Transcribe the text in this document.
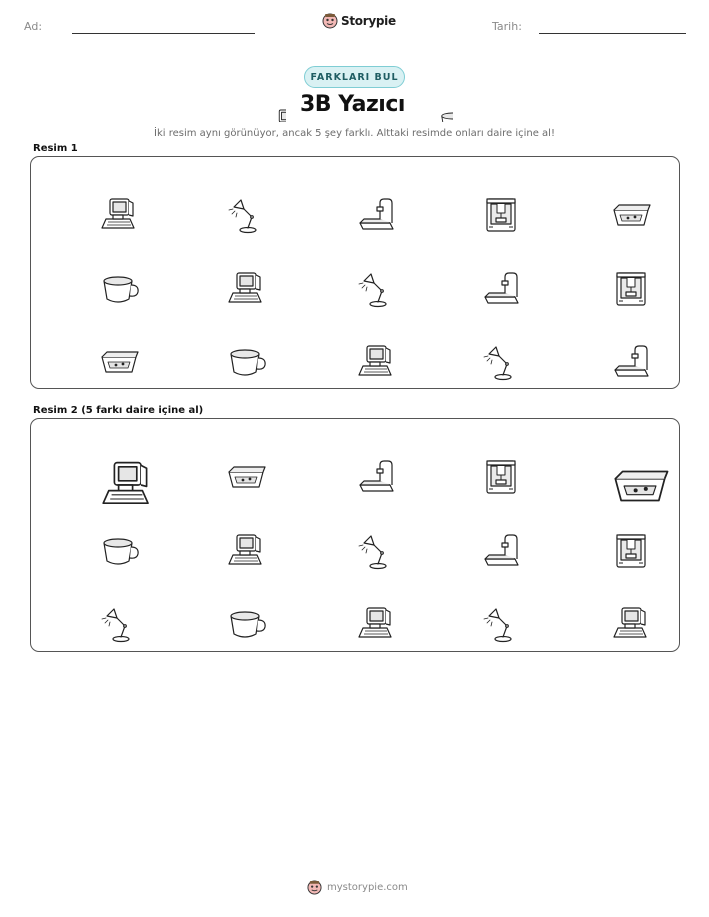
Ad:	Storypie	Tarih:
FARKLARI BUL
3B Yazıcı
İki resim aynı görünüyor, ancak 5 şey farklı. Alttaki resimde onları daire içine al!
Resim 1
Resim 2 (5 farkı daire içine al)
mystorypie.com
